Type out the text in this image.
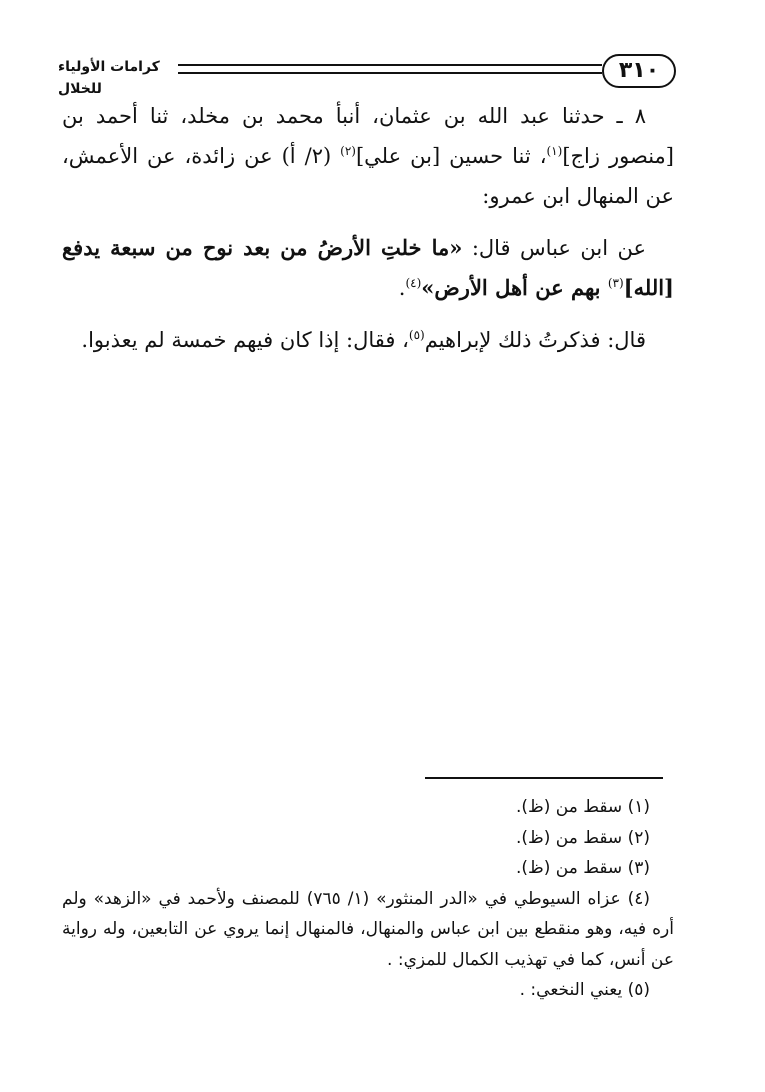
٣١٠
كرامات الأولياء للخلال

٨ ـ حدثنا عبد الله بن عثمان، أنبأ محمد بن مخلد، ثنا أحمد بن [منصور زاج]$^{(١)}$، ثنا حسين [بن علي]$^{(٢)}$ (٢/ أ) عن زائدة، عن الأعمش، عن المنهال ابن عمرو:

عن ابن عباس قال: «ما خلتِ الأرضُ من بعد نوح من سبعة يدفع [الله]$^{(٣)}$ بهم عن أهل الأرض»$^{(٤)}$.

قال: فذكرتُ ذلك لإبراهيم$^{(٥)}$، فقال: إذا كان فيهم خمسة لم يعذبوا.

(١) سقط من (ظ).

(٢) سقط من (ظ).

(٣) سقط من (ظ).

(٤) عزاه السيوطي في «الدر المنثور» (١/ ٧٦٥) للمصنف ولأحمد في «الزهد» ولم أره فيه، وهو منقطع بين ابن عباس والمنهال، فالمنهال إنما يروي عن التابعين، وله رواية عن أنس، كما في تهذيب الكمال للمزي: .

(٥) يعني النخعي: .
